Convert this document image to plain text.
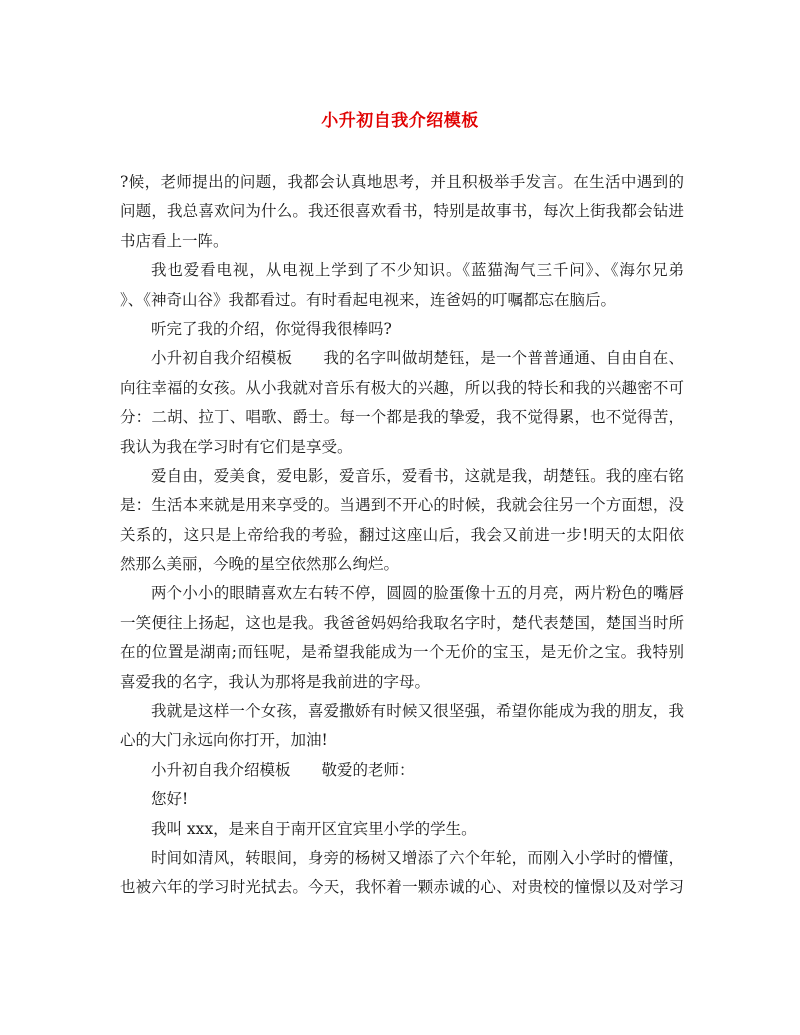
小升初自我介绍模板
?候，老师提出的问题，我都会认真地思考，并且积极举手发言。在生活中遇到的
问题，我总喜欢问为什么。我还很喜欢看书，特别是故事书，每次上街我都会钻进
书店看上一阵。
我也爱看电视，从电视上学到了不少知识。《蓝猫淘气三千问》、《海尔兄弟
》、《神奇山谷》我都看过。有时看起电视来，连爸妈的叮嘱都忘在脑后。
听完了我的介绍，你觉得我很棒吗?
小升初自我介绍模板　　我的名字叫做胡楚钰，是一个普普通通、自由自在、
向往幸福的女孩。从小我就对音乐有极大的兴趣，所以我的特长和我的兴趣密不可
分：二胡、拉丁、唱歌、爵士。每一个都是我的挚爱，我不觉得累，也不觉得苦，
我认为我在学习时有它们是享受。
爱自由，爱美食，爱电影，爱音乐，爱看书，这就是我，胡楚钰。我的座右铭
是：生活本来就是用来享受的。当遇到不开心的时候，我就会往另一个方面想，没
关系的，这只是上帝给我的考验，翻过这座山后，我会又前进一步!明天的太阳依
然那么美丽，今晚的星空依然那么绚烂。
两个小小的眼睛喜欢左右转不停，圆圆的脸蛋像十五的月亮，两片粉色的嘴唇
一笑便往上扬起，这也是我。我爸爸妈妈给我取名字时，楚代表楚国，楚国当时所
在的位置是湖南;而钰呢，是希望我能成为一个无价的宝玉，是无价之宝。我特别
喜爱我的名字，我认为那将是我前进的字母。
我就是这样一个女孩，喜爱撒娇有时候又很坚强，希望你能成为我的朋友，我
心的大门永远向你打开，加油!
小升初自我介绍模板　　敬爱的老师：
您好!
我叫 xxx，是来自于南开区宜宾里小学的学生。
时间如清风，转眼间，身旁的杨树又增添了六个年轮，而刚入小学时的懵懂，
也被六年的学习时光拭去。今天，我怀着一颗赤诚的心、对贵校的憧憬以及对学习
